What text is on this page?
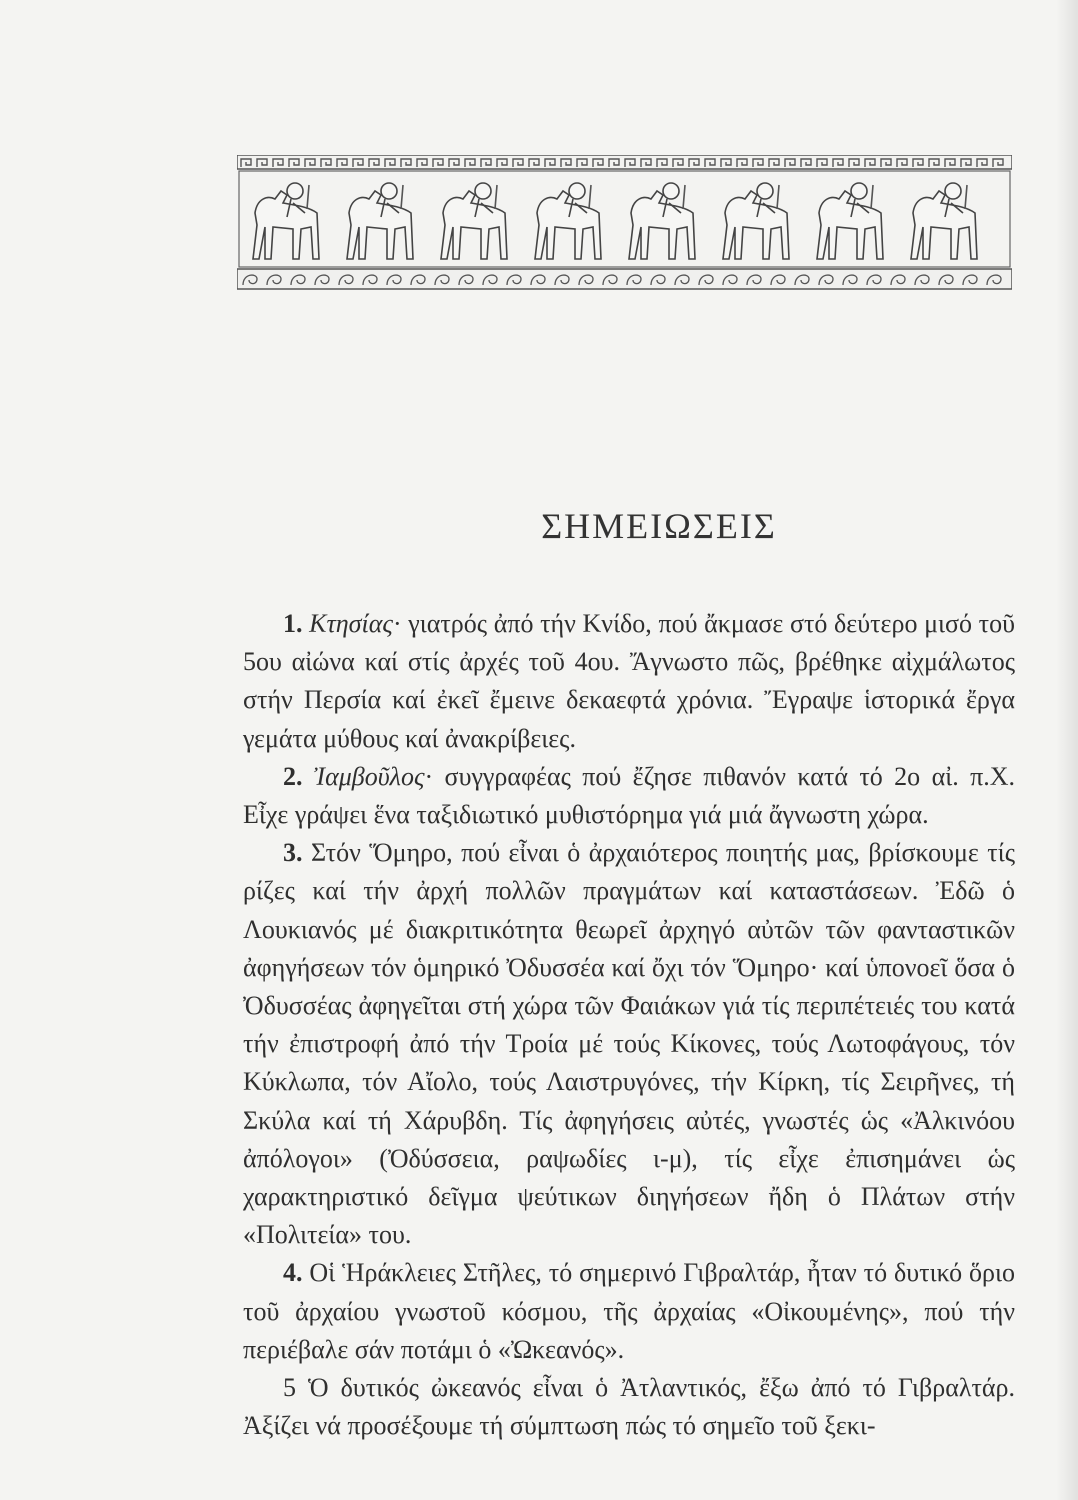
ΣΗΜΕΙΩΣΕΙΣ

1. Κτησίας· γιατρός ἀπό τήν Κνίδο, πού ἄκμασε στό δεύτερο μισό τοῦ 5ου αἰώνα καί στίς ἀρχές τοῦ 4ου. Ἄγνωστο πῶς, βρέθηκε αἰχμάλωτος στήν Περσία καί ἐκεῖ ἔμεινε δεκαεφτά χρόνια. Ἔγραψε ἱστορικά ἔργα γεμάτα μύθους καί ἀνακρίβειες.

2. Ἰαμβοῦλος· συγγραφέας πού ἔζησε πιθανόν κατά τό 2ο αἰ. π.Χ. Εἶχε γράψει ἕνα ταξιδιωτικό μυθιστόρημα γιά μιά ἄγνωστη χώρα.

3. Στόν Ὅμηρο, πού εἶναι ὁ ἀρχαιότερος ποιητής μας, βρίσκουμε τίς ρίζες καί τήν ἀρχή πολλῶν πραγμάτων καί καταστάσεων. Ἐδῶ ὁ Λουκιανός μέ διακριτικότητα θεωρεῖ ἀρχηγό αὐτῶν τῶν φανταστικῶν ἀφηγήσεων τόν ὁμηρικό Ὀδυσσέα καί ὄχι τόν Ὅμηρο· καί ὑπονοεῖ ὅσα ὁ Ὀδυσσέας ἀφηγεῖται στή χώρα τῶν Φαιάκων γιά τίς περιπέτειές του κατά τήν ἐπιστροφή ἀπό τήν Τροία μέ τούς Κίκονες, τούς Λωτοφάγους, τόν Κύκλωπα, τόν Αἴολο, τούς Λαιστρυγόνες, τήν Κίρκη, τίς Σειρῆνες, τή Σκύλα καί τή Χάρυβδη. Τίς ἀφηγήσεις αὐτές, γνωστές ὡς «Ἀλκινόου ἀπόλογοι» (Ὀδύσσεια, ραψωδίες ι-μ), τίς εἶχε ἐπισημάνει ὡς χαρακτηριστικό δεῖγμα ψεύτικων διηγήσεων ἤδη ὁ Πλάτων στήν «Πολιτεία» του.

4. Οἱ Ἡράκλειες Στῆλες, τό σημερινό Γιβραλτάρ, ἦταν τό δυτικό ὅριο τοῦ ἀρχαίου γνωστοῦ κόσμου, τῆς ἀρχαίας «Οἰκουμένης», πού τήν περιέβαλε σάν ποτάμι ὁ «Ὠκεανός».

5 Ὁ δυτικός ὠκεανός εἶναι ὁ Ἀτλαντικός, ἔξω ἀπό τό Γιβραλτάρ. Ἀξίζει νά προσέξουμε τή σύμπτωση πώς τό σημεῖο τοῦ ξεκι-
